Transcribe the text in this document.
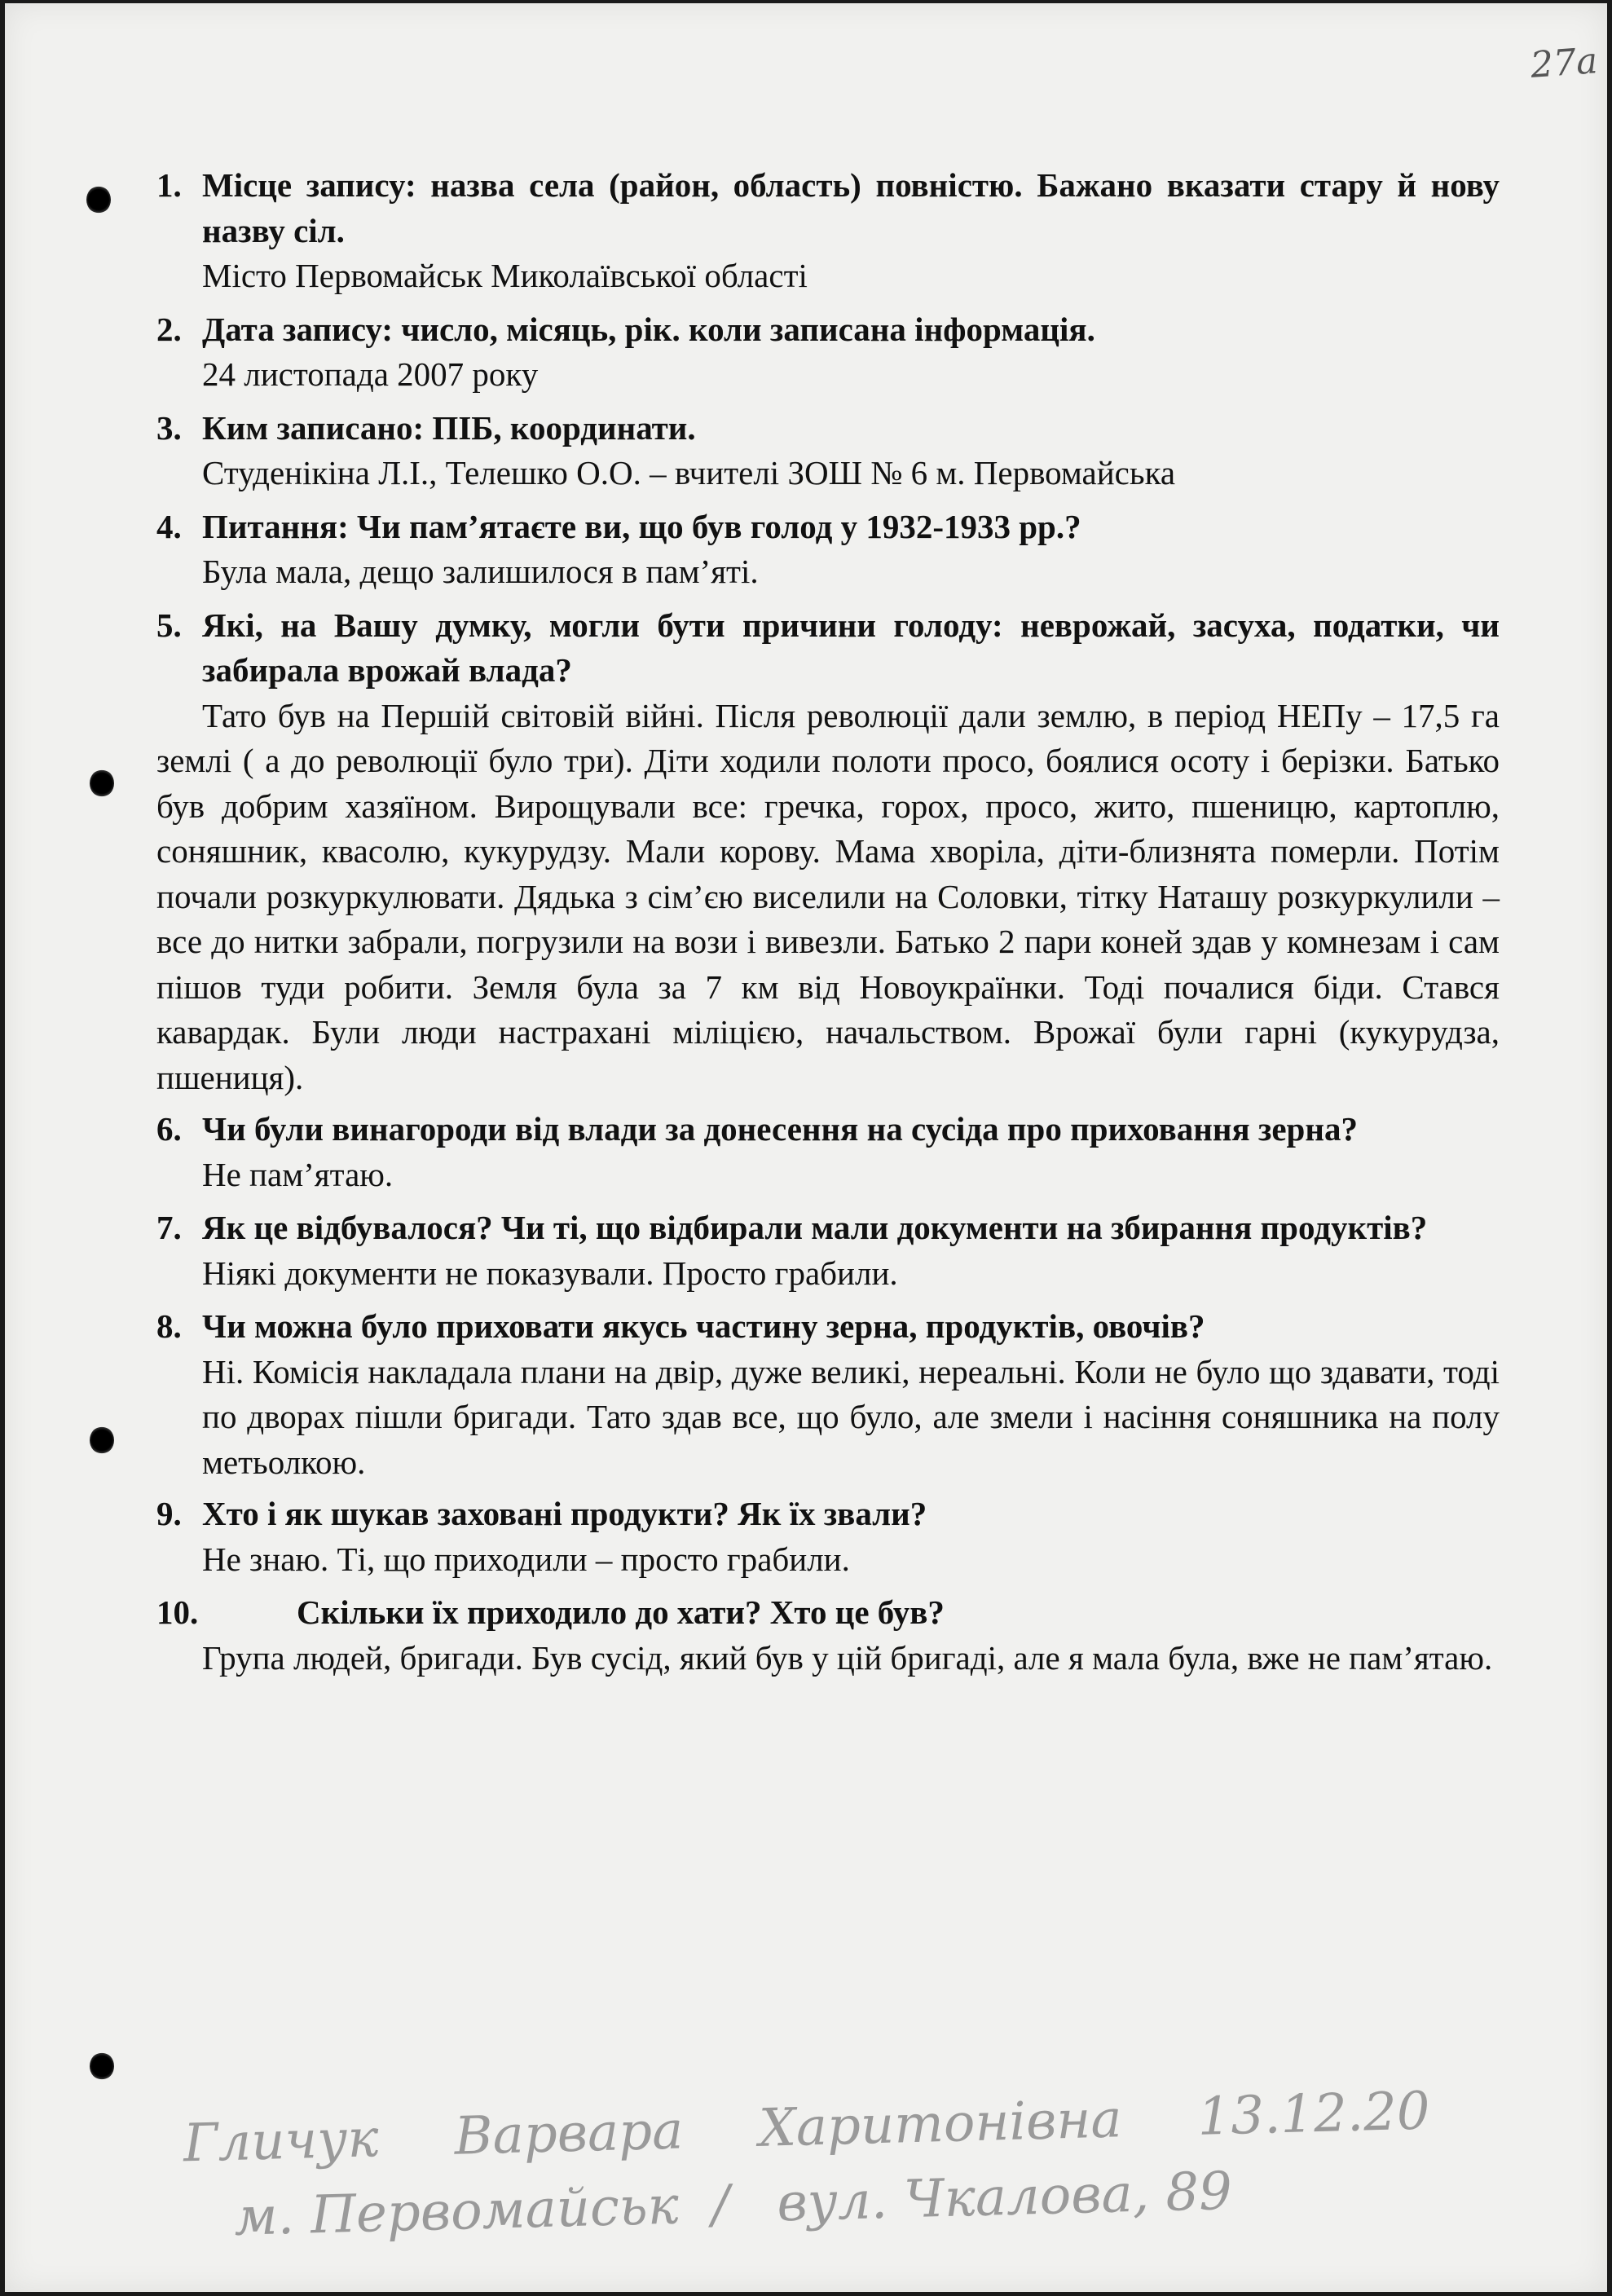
27а
1. Місце запису: назва села (район, область) повністю. Бажано вказати стару й нову назву сіл.
Місто Первомайськ Миколаївської області
2. Дата запису: число, місяць, рік. коли записана інформація.
24 листопада 2007 року
3. Ким записано: ПІБ, координати.
Студенікіна Л.І., Телешко О.О. – вчителі ЗОШ № 6 м. Первомайська
4. Питання: Чи пам’ятаєте ви, що був голод у 1932-1933 рр.?
Була мала, дещо залишилося в пам’яті.
5. Які, на Вашу думку, могли бути причини голоду: неврожай, засуха, податки, чи забирала врожай влада?
Тато був на Першій світовій війні. Після революції дали землю, в період НЕПу – 17,5 га землі ( а до революції було три). Діти ходили полоти просо, боялися осоту і берізки. Батько був добрим хазяїном. Вирощували все: гречка, горох, просо, жито, пшеницю, картоплю, соняшник, квасолю, кукурудзу. Мали корову. Мама хворіла, діти-близнята померли. Потім почали розкуркулювати. Дядька з сім’єю виселили на Соловки, тітку Наташу розкуркулили – все до нитки забрали, погрузили на вози і вивезли. Батько 2 пари коней здав у комнезам і сам пішов туди робити. Земля була за 7 км від Новоукраїнки. Тоді почалися біди. Стався кавардак. Були люди настрахані міліцією, начальством. Врожаї були гарні (кукурудза, пшениця).
6. Чи були винагороди від влади за донесення на сусіда про приховання зерна?
Не пам’ятаю.
7. Як це відбувалося? Чи ті, що відбирали мали документи на збирання продуктів?
Ніякі документи не показували. Просто грабили.
8. Чи можна було приховати якусь частину зерна, продуктів, овочів?
Ні. Комісія накладала плани на двір, дуже великі, нереальні. Коли не було що здавати, тоді по дворах пішли бригади. Тато здав все, що було, але змели і насіння соняшника на полу метьолкою.
9. Хто і як шукав заховані продукти? Як їх звали?
Не знаю. Ті, що приходили – просто грабили.
10.	Скільки їх приходило до хати? Хто це був?
Група людей, бригади. Був сусід, який був у цій бригаді, але я мала була, вже не пам’ятаю.
Гличук Варвара Харитонівна 13.12.20
м. Первомайськ  /  вул. Чкалова, 89
